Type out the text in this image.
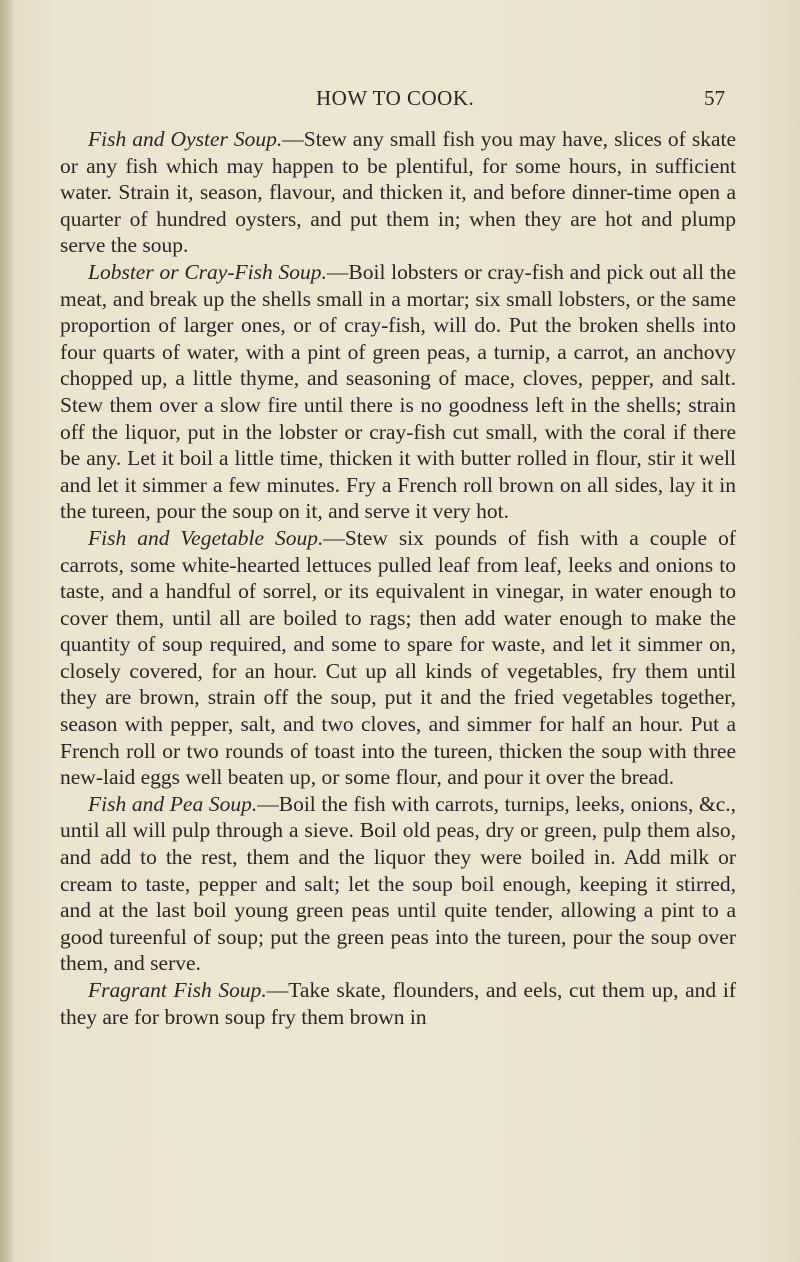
HOW TO COOK.	57

Fish and Oyster Soup.—Stew any small fish you may have, slices of skate or any fish which may happen to be plentiful, for some hours, in sufficient water. Strain it, season, flavour, and thicken it, and before dinner-time open a quarter of hundred oysters, and put them in; when they are hot and plump serve the soup.

Lobster or Cray-Fish Soup.—Boil lobsters or cray-fish and pick out all the meat, and break up the shells small in a mortar; six small lobsters, or the same proportion of larger ones, or of cray-fish, will do. Put the broken shells into four quarts of water, with a pint of green peas, a turnip, a carrot, an anchovy chopped up, a little thyme, and seasoning of mace, cloves, pepper, and salt. Stew them over a slow fire until there is no goodness left in the shells; strain off the liquor, put in the lobster or cray-fish cut small, with the coral if there be any. Let it boil a little time, thicken it with butter rolled in flour, stir it well and let it simmer a few minutes. Fry a French roll brown on all sides, lay it in the tureen, pour the soup on it, and serve it very hot.

Fish and Vegetable Soup.—Stew six pounds of fish with a couple of carrots, some white-hearted lettuces pulled leaf from leaf, leeks and onions to taste, and a handful of sorrel, or its equivalent in vinegar, in water enough to cover them, until all are boiled to rags; then add water enough to make the quantity of soup required, and some to spare for waste, and let it simmer on, closely covered, for an hour. Cut up all kinds of vegetables, fry them until they are brown, strain off the soup, put it and the fried vegetables together, season with pepper, salt, and two cloves, and simmer for half an hour. Put a French roll or two rounds of toast into the tureen, thicken the soup with three new-laid eggs well beaten up, or some flour, and pour it over the bread.

Fish and Pea Soup.—Boil the fish with carrots, turnips, leeks, onions, &c., until all will pulp through a sieve. Boil old peas, dry or green, pulp them also, and add to the rest, them and the liquor they were boiled in. Add milk or cream to taste, pepper and salt; let the soup boil enough, keeping it stirred, and at the last boil young green peas until quite tender, allowing a pint to a good tureenful of soup; put the green peas into the tureen, pour the soup over them, and serve.

Fragrant Fish Soup.—Take skate, flounders, and eels, cut them up, and if they are for brown soup fry them brown in
